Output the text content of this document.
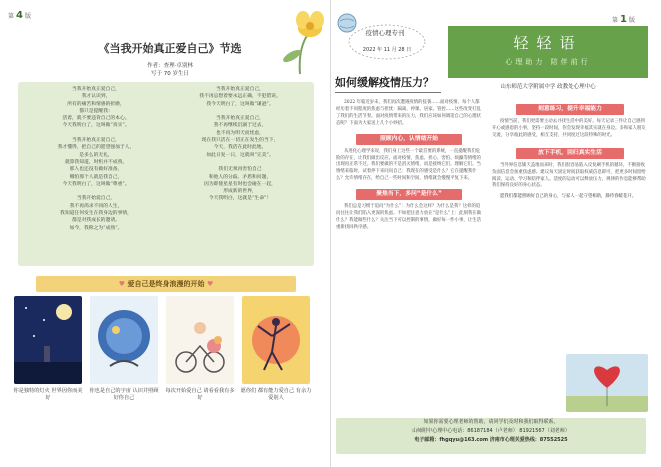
第 4 版
《当我开始真正爱自己》节选
作者：查理·卓别林
写于 70 岁生日

当我开始真正爱自己，

我才认识到，

所有的痛苦和情感的折磨，

都只是提醒我：

活着，就不要违背自己的本心。

今天我明白了，这叫做“真实”。

当我开始真正爱自己，

我才懂得，把自己的愿望强加于人，

是多么的无礼，

就算我知道，时机并不成熟，

那人也还没有做好准备，

哪怕那个人就是我自己，

今天我明白了，这叫做“尊重”。

当我开始爱自己，

我不再渴求不同的人生，

我知道任何发生在我身边的事情，

都是对我成长的邀请。

如今，我称之为“成熟”。

当我开始真正爱自己，

我不再总想着要永远正确，不犯错误。

我今天明白了，这叫做“谦逊”。

当我开始真正爱自己，

我不再继续沉溺于过去，

也不再为明天而忧虑，

现在我只活在一切正在发生的当下，

今天，我活在此时此地，

如此日复一日，这就叫“完美”。

我们无须再害怕自己

和他人的分歧、矛盾和问题，

因为即使星星有时也会碰在一起，

形成新的世界，

今天我明白，这就是“生命”！

♥ 爱自己是终身浪漫的开始 ♥
你是独特的灯火 世界因你而美好
你也是自己的宇宙 认识并照顾好你自己
每次开始爱自己 请看看我有多好
愿你们 都有能力爱自己 有余力爱别人
第 1 版
疫情心理专刊
2022 年 11 月 28 日	轻轻语
心理助力 陪伴前行
山东师范大学附属中学 政教处心理中心
如何缓解疫情压力？

2022 年临近岁末，我们再次遭遇疫情的侵袭……面对疫情，每个人都经历着不同程度的焦虑与担忧：隔离、停课、居家、管控……这些改变打乱了我们的生活节奏。面对疫情带来的压力，我们应该如何调适自己的心理状态呢？下面为大家送上几个小妙招。

照顾内心，认情绪开始

从进化心理学来说，我们身上这些一个最首要的系统，一直提醒我们危险的存在，让我们做出反应。面对疫情，焦虑、担心、害怕、烦躁等情绪的出现再正常不过。我们要做的不是消灭情绪，而是接纳它们、理解它们。当情绪来临时，试着停下来问问自己：我现在的感受是什么？它在提醒我什么？允许情绪存在，给自己一些时间和空间，情绪就会慢慢平复下来。

聚焦当下，多问“是什么”

我们总是习惯于追问“为什么”：为什么会这样？为什么是我？这样的追问往往让我们陷入更深的焦虑。不如把注意力放在“是什么”上：此刻我在做什么？我能做些什么？关注当下可以控制的事情，做好每一件小事，让生活重新找回秩序感。

刻意练习，提升幸福能力

疫情当前，我们更需要主动去寻找生活中的美好。每天记录三件让自己感到开心或感恩的小事，坚持一段时间，你会发现幸福其实就在身边。多和家人朋友交流，分享彼此的感受，相互支持，共同度过这段特殊的时光。

放下手机，回归真实生活

当外界信息铺天盖地而来时，我们很容易陷入反复刷手机的循环，不断接收负面信息会加重焦虑感。建议每天固定时间获取权威信息即可，把更多时间留给阅读、运动、学习和陪伴家人。适度的运动可以释放压力，规律的作息能够帮助我们保持良好的身心状态。

愿我们都能照顾好自己的身心，与家人一起守望相助，静待春暖花开。

如果你需要心理老师的帮助，请同学们及时和我们取得联系。
山师附中心理中心电话：86187184（卢老师） 81921567（刘老师）
电子邮箱：fhgqyu@163.com 济南市心理关爱热线：87552525
